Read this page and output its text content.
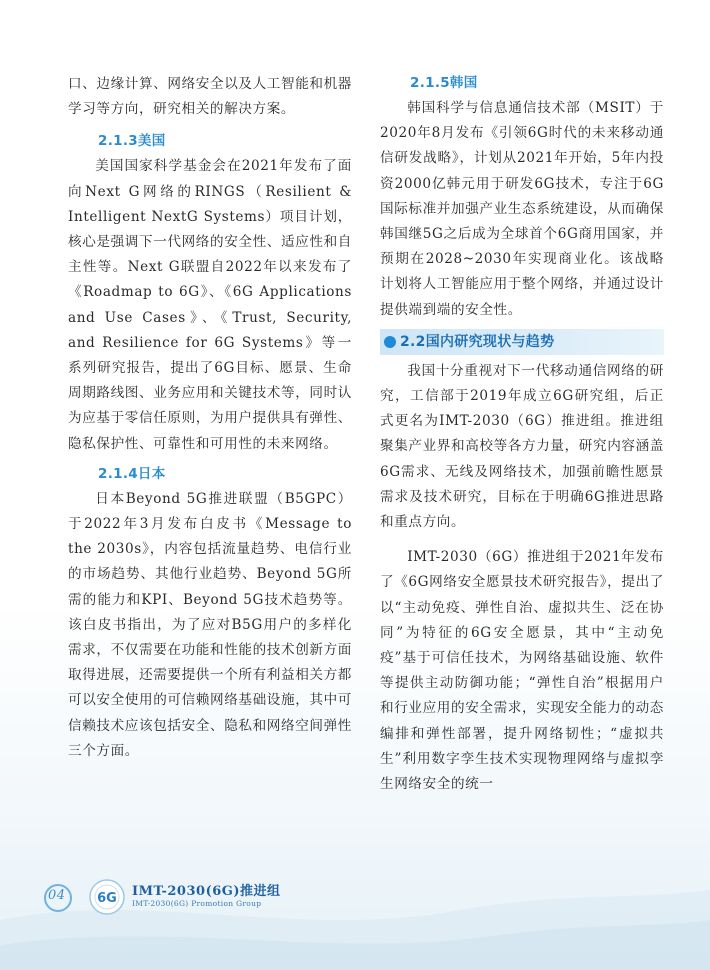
口、边缘计算、网络安全以及人工智能和机器学习等方向，研究相关的解决方案。

2.1.3美国

美国国家科学基金会在2021年发布了面向Next G网络的RINGS（Resilient & Intelligent NextG Systems）项目计划，核心是强调下一代网络的安全性、适应性和自主性等。Next G联盟自2022年以来发布了《Roadmap to 6G》、《6G Applications and Use Cases》、《Trust, Security, and Resilience for 6G Systems》等一系列研究报告，提出了6G目标、愿景、生命周期路线图、业务应用和关键技术等，同时认为应基于零信任原则，为用户提供具有弹性、隐私保护性、可靠性和可用性的未来网络。

2.1.4日本

日本Beyond 5G推进联盟（B5GPC）于2022年3月发布白皮书《Message to the 2030s》，内容包括流量趋势、电信行业的市场趋势、其他行业趋势、Beyond 5G所需的能力和KPI、Beyond 5G技术趋势等。该白皮书指出，为了应对B5G用户的多样化需求，不仅需要在功能和性能的技术创新方面取得进展，还需要提供一个所有利益相关方都可以安全使用的可信赖网络基础设施，其中可信赖技术应该包括安全、隐私和网络空间弹性三个方面。

2.1.5韩国

韩国科学与信息通信技术部（MSIT）于2020年8月发布《引领6G时代的未来移动通信研发战略》，计划从2021年开始，5年内投资2000亿韩元用于研发6G技术，专注于6G国际标准并加强产业生态系统建设，从而确保韩国继5G之后成为全球首个6G商用国家，并预期在2028~2030年实现商业化。该战略计划将人工智能应用于整个网络，并通过设计提供端到端的安全性。

2.2国内研究现状与趋势

我国十分重视对下一代移动通信网络的研究，工信部于2019年成立6G研究组，后正式更名为IMT-2030（6G）推进组。推进组聚集产业界和高校等各方力量，研究内容涵盖6G需求、无线及网络技术，加强前瞻性愿景需求及技术研究，目标在于明确6G推进思路和重点方向。

IMT-2030（6G）推进组于2021年发布了《6G网络安全愿景技术研究报告》，提出了以“主动免疫、弹性自治、虚拟共生、泛在协同”为特征的6G安全愿景，其中“主动免疫”基于可信任技术，为网络基础设施、软件等提供主动防御功能；“弹性自治”根据用户和行业应用的安全需求，实现安全能力的动态编排和弹性部署，提升网络韧性；“虚拟共生”利用数字孪生技术实现物理网络与虚拟孪生网络安全的统一

04 6G IMT-2030(6G)推进组
IMT-2030(6G) Promotion Group
